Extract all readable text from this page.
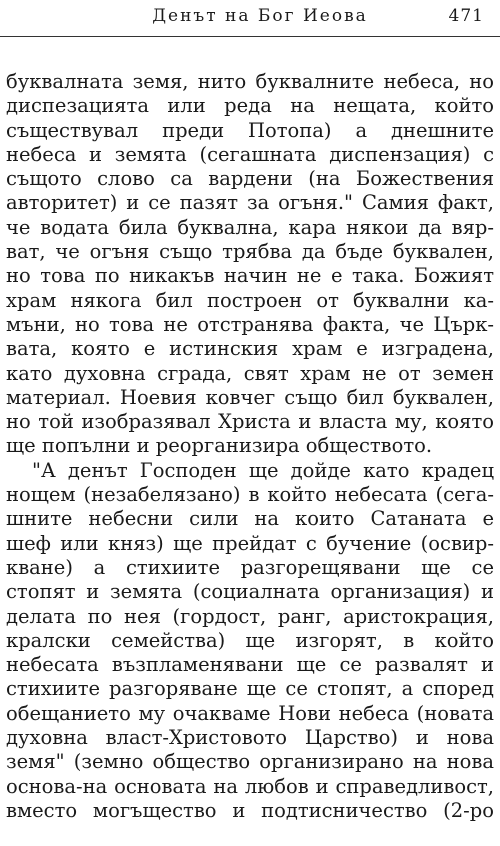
Денът на Бог Иеова	471
буквалната земя, нито буквалните небеса, но
диспезацията или реда на нещата, който
съществувал преди Потопа) а днешните
небеса и земята (сегашната диспензация) с
същото слово са вардени (на Божествения
авторитет) и се пазят за огъня." Самия факт,
че водата била буквална, кара някои да вяр-
ват, че огъня също трябва да бъде буквален,
но това по никакъв начин не е така. Божият
храм някога бил построен от буквални ка-
мъни, но това не отстранява факта, че Църк-
вата, която е истинския храм е изградена,
като духовна сграда, свят храм не от земен
материал. Ноевия ковчег също бил буквален,
но той изобразявал Христа и властa му, която
ще попълни и реорганизира обществото.
"А денът Господен ще дойде като крадец
нощем (незабелязано) в който небесата (сега-
шните небесни сили на които Сатаната е
шеф или княз) ще прейдат с бучение (освир-
кване) а стихиите разгорещявани ще се
стопят и земята (социалната организация) и
делата по нея (гордост, ранг, аристокрация,
кралски семейства) ще изгорят, в който
небесата възпламенявани ще се развалят и
стихиите разгоряване ще се стопят, а според
обещанието му очакваме Нови небеса (новата
духовна власт-Христовото Царство) и нова
земя" (земно общество организирано на нова
основа-на основата на любов и справедливост,
вместо могъщество и подтисничество (2-ро
